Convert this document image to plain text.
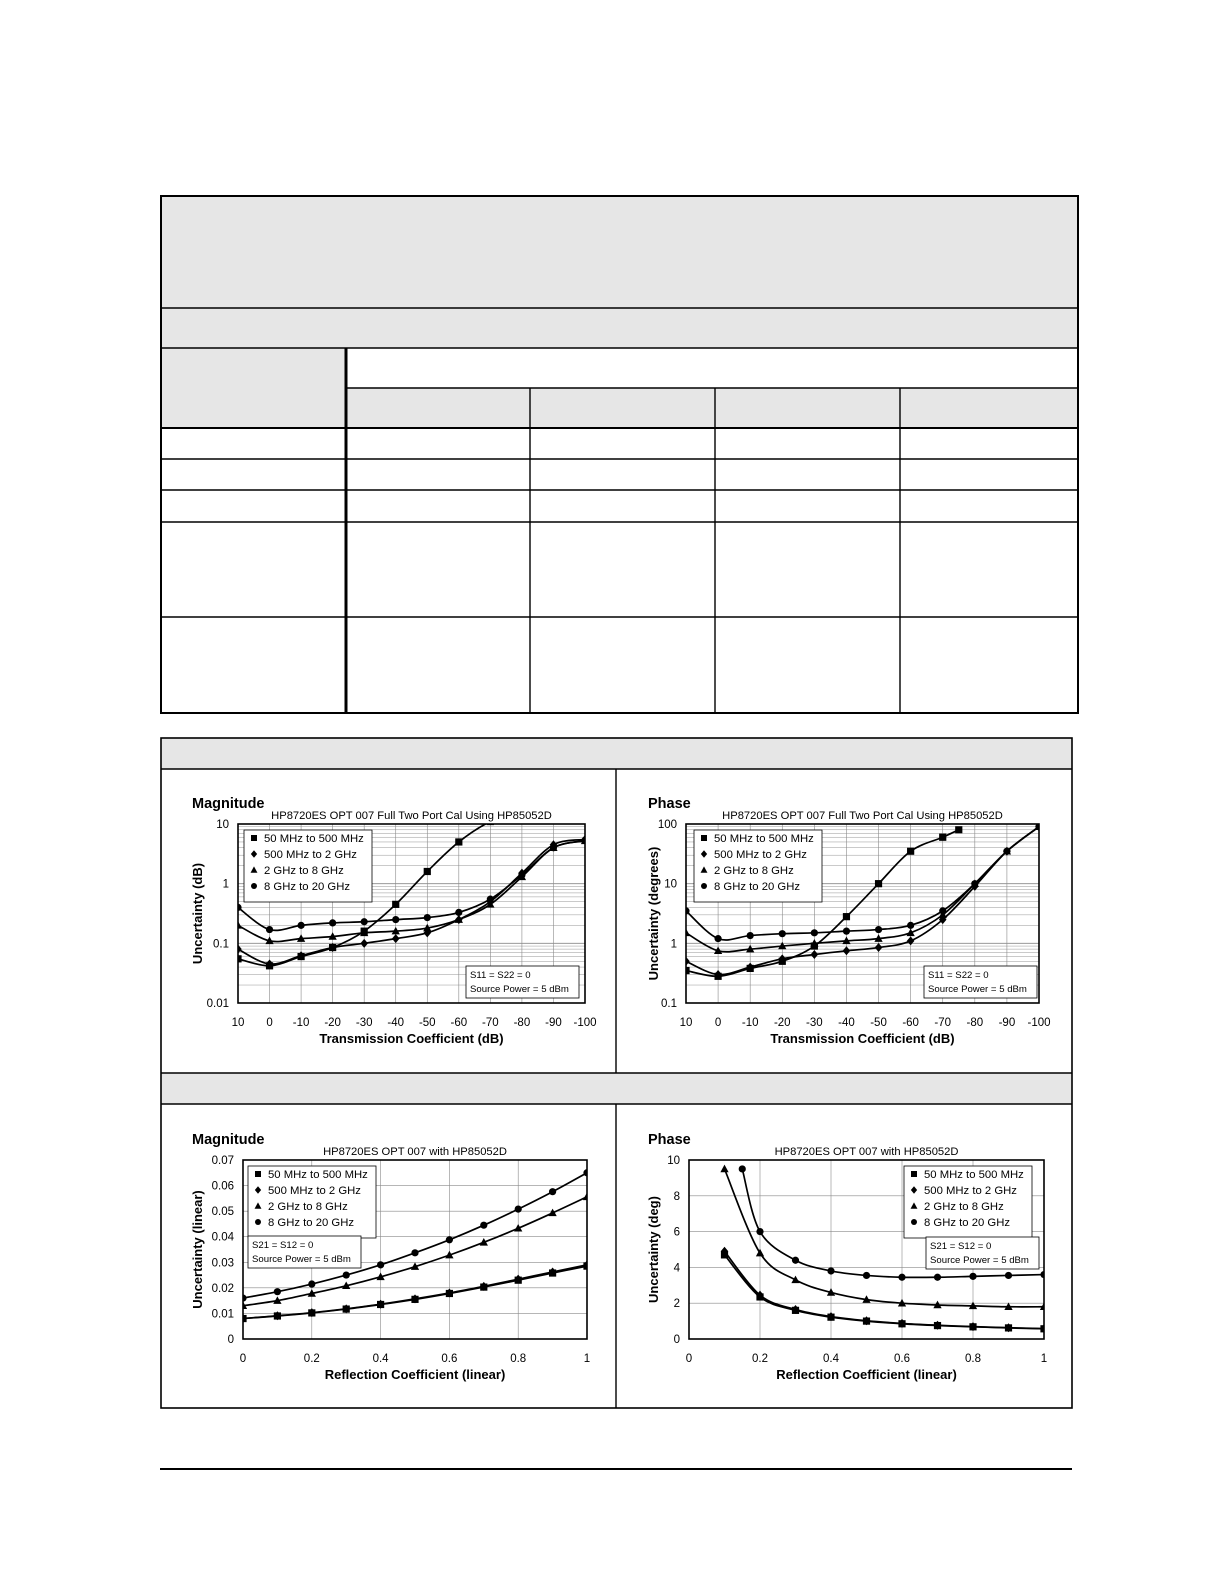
Magnitude
HP8720ES OPT 007 Full Two Port Cal Using HP85052D
10 0 -10 -20 -30 -40 -50 -60 -70 -80 -90 -100
0.01
0.1
1
10
Transmission Coefficient (dB)
Uncertainty (dB)
50 MHz to 500 MHz
500 MHz to 2 GHz
2 GHz to 8 GHz
8 GHz to 20 GHz
S11 = S22 = 0
Source Power = 5 dBm
Phase
HP8720ES OPT 007 Full Two Port Cal Using HP85052D
10 0 -10 -20 -30 -40 -50 -60 -70 -80 -90 -100
0.1
1
10
100
Transmission Coefficient (dB)
Uncertainty (degrees)
50 MHz to 500 MHz
500 MHz to 2 GHz
2 GHz to 8 GHz
8 GHz to 20 GHz
S11 = S22 = 0
Source Power = 5 dBm
Magnitude
HP8720ES OPT 007 with HP85052D
0	0.2	0.4	0.6	0.8	1
0
0.01
0.02
0.03
0.04
0.05
0.06
0.07
Reflection Coefficient (linear)
Uncertainty (linear)
50 MHz to 500 MHz
500 MHz to 2 GHz
2 GHz to 8 GHz
8 GHz to 20 GHz
S21 = S12 = 0
Source Power = 5 dBm
Phase
HP8720ES OPT 007 with HP85052D
0	0.2	0.4	0.6	0.8	1
0
2
4
6
8
10
Reflection Coefficient (linear)
Uncertainty (deg)
50 MHz to 500 MHz
500 MHz to 2 GHz
2 GHz to 8 GHz
8 GHz to 20 GHz
S21 = S12 = 0
Source Power = 5 dBm
